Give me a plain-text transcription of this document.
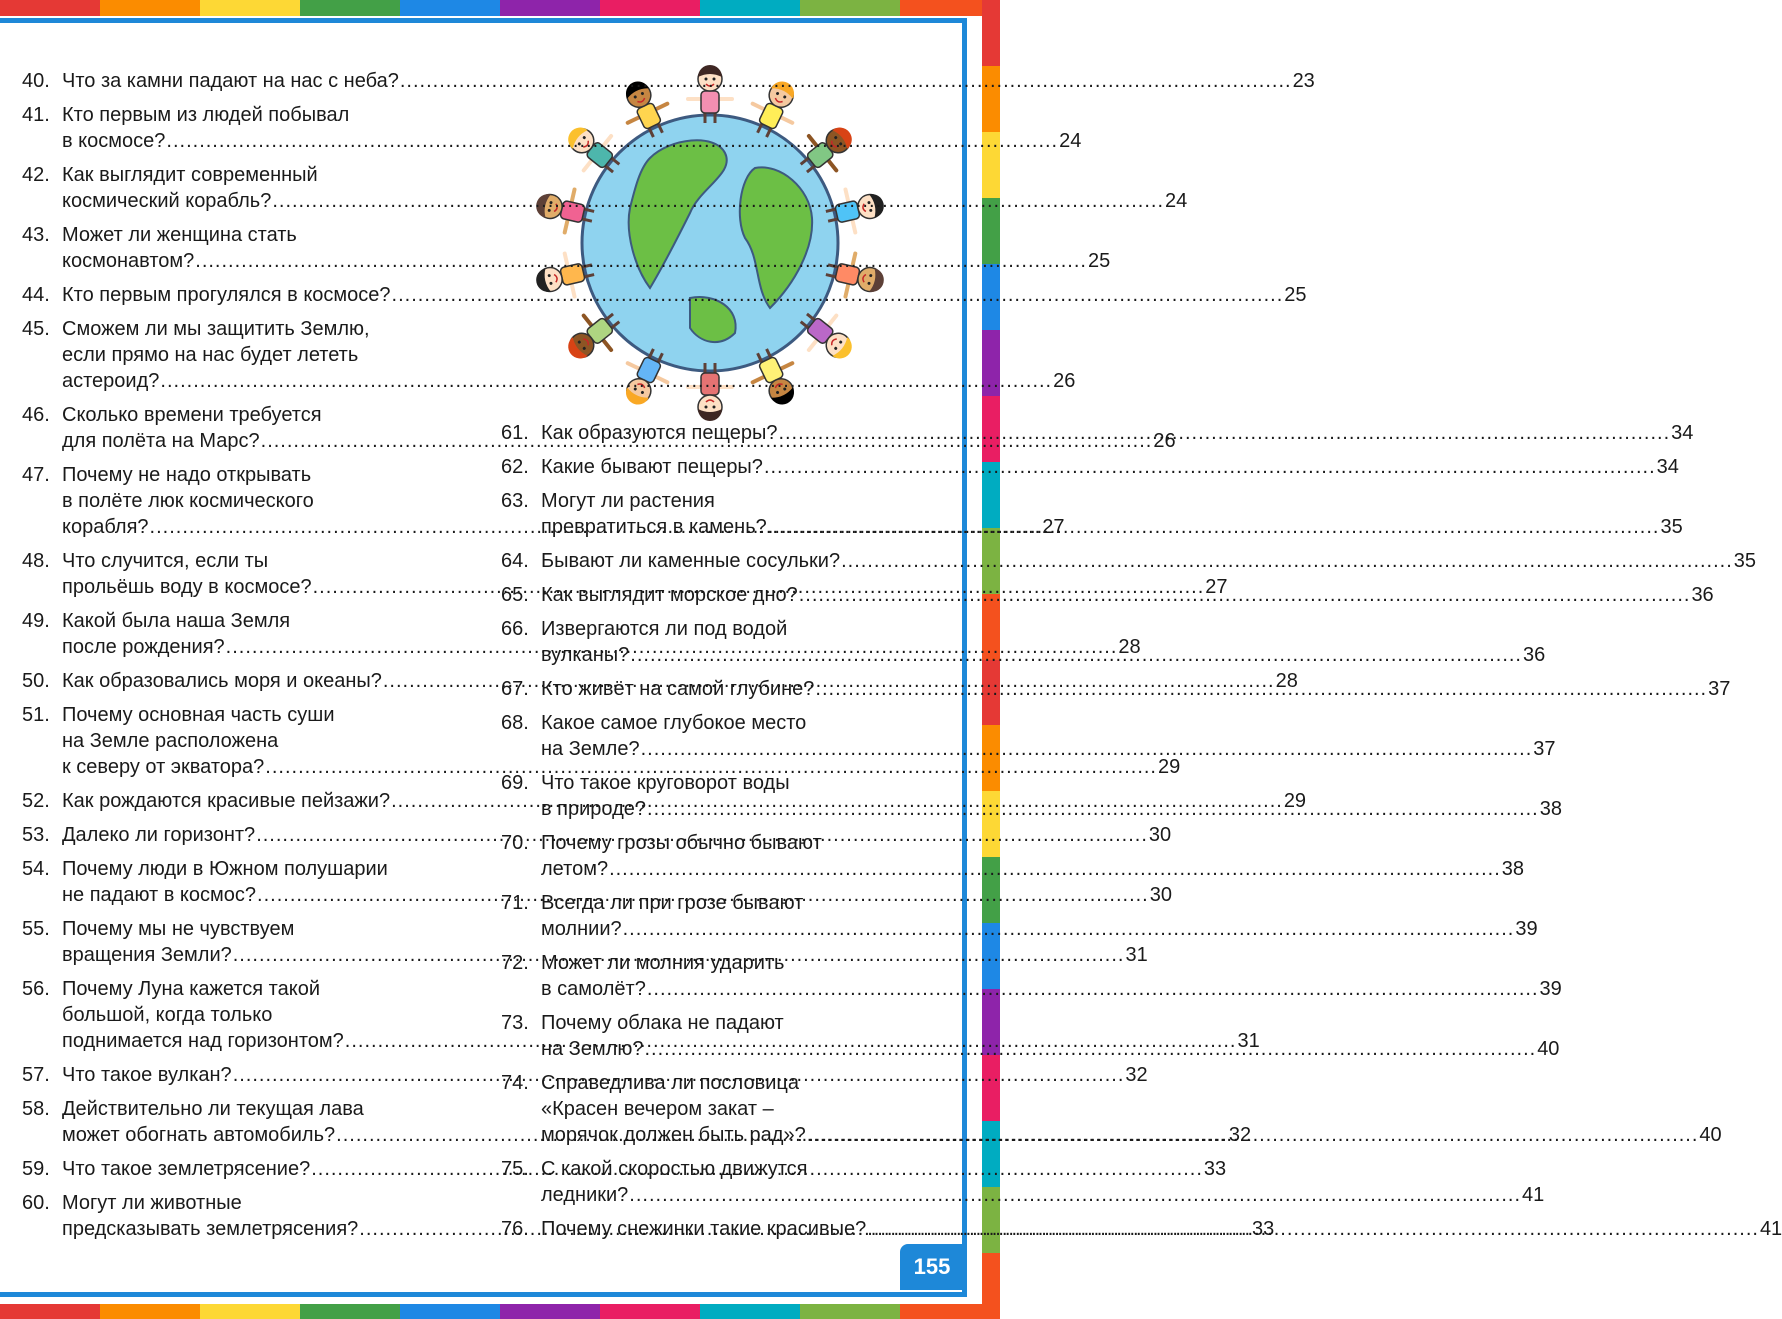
40. Что за камни падают на нас с неба? .....	23
41. Кто первым из людей побывал
в космосе? .....	24
42. Как выглядит современный
космический корабль? .....	24
43. Может ли женщина стать
космонавтом? .....	25
44. Кто первым прогулялся в космосе? .....	25
45. Сможем ли мы защитить Землю,
если прямо на нас будет лететь
астероид? .....	26
46. Сколько времени требуется
для полёта на Марс? .....	26
47. Почему не надо открывать
в полёте люк космического
корабля? .....	27
48. Что случится, если ты
прольёшь воду в космосе? .....	27
49. Какой была наша Земля
после рождения? .....	28
50. Как образовались моря и океаны? .....	28
51. Почему основная часть суши
на Земле расположена
к северу от экватора? .....	29
52. Как рождаются красивые пейзажи? .....	29
53. Далеко ли горизонт? .....	30
54. Почему люди в Южном полушарии
не падают в космос? .....	30
55. Почему мы не чувствуем
вращения Земли? .....	31
56. Почему Луна кажется такой
большой, когда только
поднимается над горизонтом? .....	31
57. Что такое вулкан? .....	32
58. Действительно ли текущая лава
может обогнать автомобиль? .....	32
59. Что такое землетрясение? .....	33
60. Могут ли животные
предсказывать землетрясения? .....	33
61. Как образуются пещеры? .....	34
62. Какие бывают пещеры? .....	34
63. Могут ли растения
превратиться в камень? .....	35
64. Бывают ли каменные сосульки? .....	35
65. Как выглядит морское дно? .....	36
66. Извергаются ли под водой
вулканы? .....	36
67. Кто живёт на самой глубине? .....	37
68. Какое самое глубокое место
на Земле? .....	37
69. Что такое круговорот воды
в природе? .....	38
70. Почему грозы обычно бывают
летом? .....	38
71. Всегда ли при грозе бывают
молнии? .....	39
72. Может ли молния ударить
в самолёт? .....	39
73. Почему облака не падают
на Землю? .....	40
74. Справедлива ли пословица
«Красен вечером закат –
морячок должен быть рад»? .....	40
75. С какой скоростью движутся
ледники? .....	41
76. Почему снежинки такие красивые? .....	41
155
